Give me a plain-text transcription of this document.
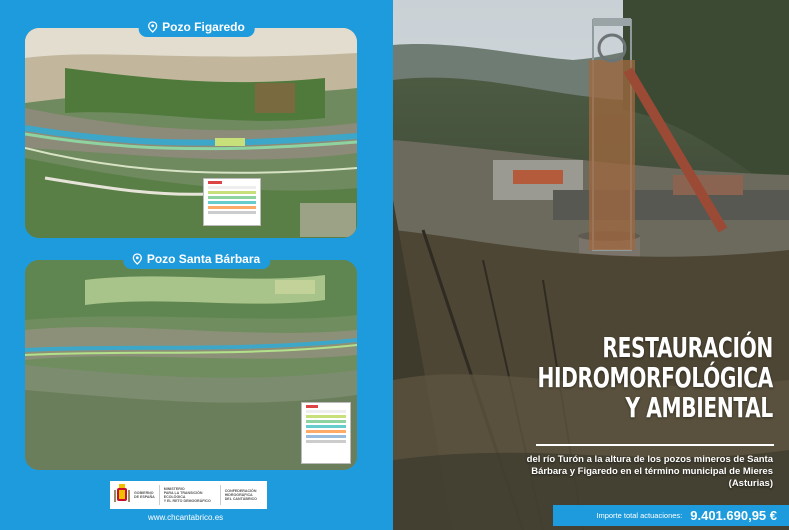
Pozo Figaredo
Pozo Santa Bárbara
GOBIERNO
DE ESPAÑA
MINISTERIO
PARA LA TRANSICIÓN ECOLÓGICA
Y EL RETO DEMOGRÁFICO
CONFEDERACIÓN
HIDROGRÁFICA
DEL CANTÁBRICO
www.chcantabrico.es
RESTAURACIÓN
HIDROMORFOLÓGICA
Y AMBIENTAL
del río Turón a la altura de los pozos mineros de Santa Bárbara y Figaredo en el término municipal de Mieres (Asturias)
Importe total actuaciones: 9.401.690,95 €
